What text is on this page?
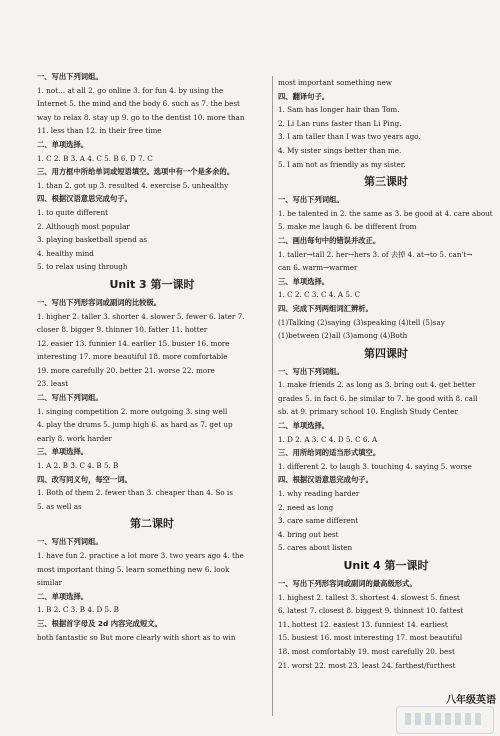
一、写出下列词组。
1. not… at all 2. go online 3. for fun 4. by using the
Internet 5. the mind and the body 6. such as 7. the best
way to relax 8. stay up 9. go to the dentist 10. more than
11. less than 12. in their free time
二、单项选择。
1. C 2. B 3. A 4. C 5. B 6. D 7. C
三、用方框中所给单词或短语填空。选项中有一个是多余的。
1. than 2. got up 3. resulted 4. exercise 5. unhealthy
四、根据汉语意思完成句子。
1. to quite different
2. Although most popular
3. playing basketball spend as
4. healthy mind
5. to relax using through
Unit 3 第一课时
一、写出下列形容词或副词的比较级。
1. higher 2. taller 3. shorter 4. slower 5. fewer 6. later 7.
closer 8. bigger 9. thinner 10. fatter 11. hotter
12. easier 13. funnier 14. earlier 15. busier 16. more
interesting 17. more beautiful 18. more comfortable
19. more carefully 20. better 21. worse 22. more
23. least
二、写出下列词组。
1. singing competition 2. more outgoing 3. sing well
4. play the drums 5. jump high 6. as hard as 7. get up
early 8. work harder
三、单项选择。
1. A 2. B 3. C 4. B 5. B
四、改写同义句，每空一词。
1. Both of them 2. fewer than 3. cheaper than 4. So is
5. as well as
第二课时
一、写出下列词组。
1. have fun 2. practice a lot more 3. two years ago 4. the
most important thing 5. learn something new 6. look
similar
二、单项选择。
1. B 2. C 3. B 4. D 5. B
三、根据首字母及 2d 内容完成短文。
both fantastic so But more clearly with short as to win
most important something new
四、翻译句子。
1. Sam has longer hair than Tom.
2. Li Lan runs faster than Li Ping.
3. I am taller than I was two years ago.
4. My sister sings better than me.
5. I am not as friendly as my sister.
第三课时
一、写出下列词组。
1. be talented in 2. the same as 3. be good at 4. care about
5. make me laugh 6. be different from
二、画出每句中的错误并改正。
1. taller→tall 2. her→hers 3. of 去掉 4. at→to 5. can't→
can 6. warm→warmer
三、单项选择。
1. C 2. C 3. C 4. A 5. C
四、完成下列两组词汇辨析。
(1)Talking (2)saying (3)speaking (4)tell (5)say
(1)between (2)all (3)among (4)Both
第四课时
一、写出下列词组。
1. make friends 2. as long as 3. bring out 4. get better
grades 5. in fact 6. be similar to 7. be good with 8. call
sb. at 9. primary school 10. English Study Center
二、单项选择。
1. D 2. A 3. C 4. D 5. C 6. A
三、用所给词的适当形式填空。
1. different 2. to laugh 3. touching 4. saying 5. worse
四、根据汉语意思完成句子。
1. why reading harder
2. need as long
3. care same different
4. bring out best
5. cares about listen
Unit 4 第一课时
一、写出下列形容词或副词的最高级形式。
1. highest 2. tallest 3. shortest 4. slowest 5. finest
6. latest 7. closest 8. biggest 9. thinnest 10. fattest
11. hottest 12. easiest 13. funniest 14. earliest
15. busiest 16. most interesting 17. most beautiful
18. most comfortably 19. most carefully 20. best
21. worst 22. most 23. least 24. farthest/furthest
八年级英语
